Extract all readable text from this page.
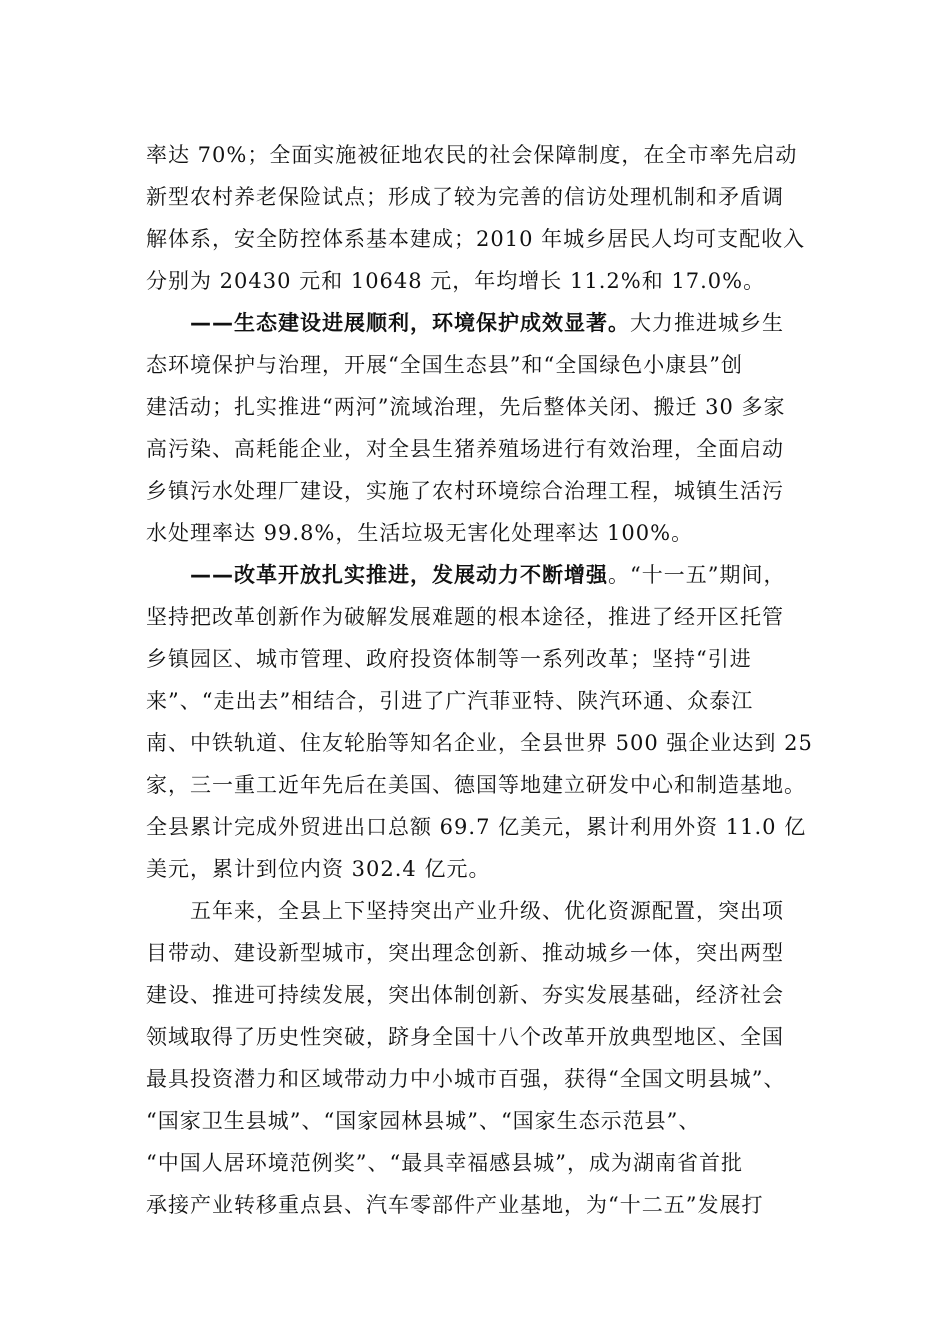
率达 70%；全面实施被征地农民的社会保障制度，在全市率先启动
新型农村养老保险试点；形成了较为完善的信访处理机制和矛盾调
解体系，安全防控体系基本建成；2010 年城乡居民人均可支配收入
分别为 20430 元和 10648 元，年均增长 11.2%和 17.0%。
——生态建设进展顺利，环境保护成效显著。大力推进城乡生
态环境保护与治理，开展“全国生态县”和“全国绿色小康县”创
建活动；扎实推进“两河”流域治理，先后整体关闭、搬迁 30 多家
高污染、高耗能企业，对全县生猪养殖场进行有效治理，全面启动
乡镇污水处理厂建设，实施了农村环境综合治理工程，城镇生活污
水处理率达 99.8%，生活垃圾无害化处理率达 100%。
——改革开放扎实推进，发展动力不断增强。“十一五”期间，
坚持把改革创新作为破解发展难题的根本途径，推进了经开区托管
乡镇园区、城市管理、政府投资体制等一系列改革；坚持“引进
来”、“走出去”相结合，引进了广汽菲亚特、陕汽环通、众泰江
南、中铁轨道、住友轮胎等知名企业，全县世界 500 强企业达到 25
家，三一重工近年先后在美国、德国等地建立研发中心和制造基地。
全县累计完成外贸进出口总额 69.7 亿美元，累计利用外资 11.0 亿
美元，累计到位内资 302.4 亿元。
五年来，全县上下坚持突出产业升级、优化资源配置，突出项
目带动、建设新型城市，突出理念创新、推动城乡一体，突出两型
建设、推进可持续发展，突出体制创新、夯实发展基础，经济社会
领域取得了历史性突破，跻身全国十八个改革开放典型地区、全国
最具投资潜力和区域带动力中小城市百强，获得“全国文明县城”、
“国家卫生县城”、“国家园林县城”、“国家生态示范县”、
“中国人居环境范例奖”、“最具幸福感县城”，成为湖南省首批
承接产业转移重点县、汽车零部件产业基地，为“十二五”发展打
